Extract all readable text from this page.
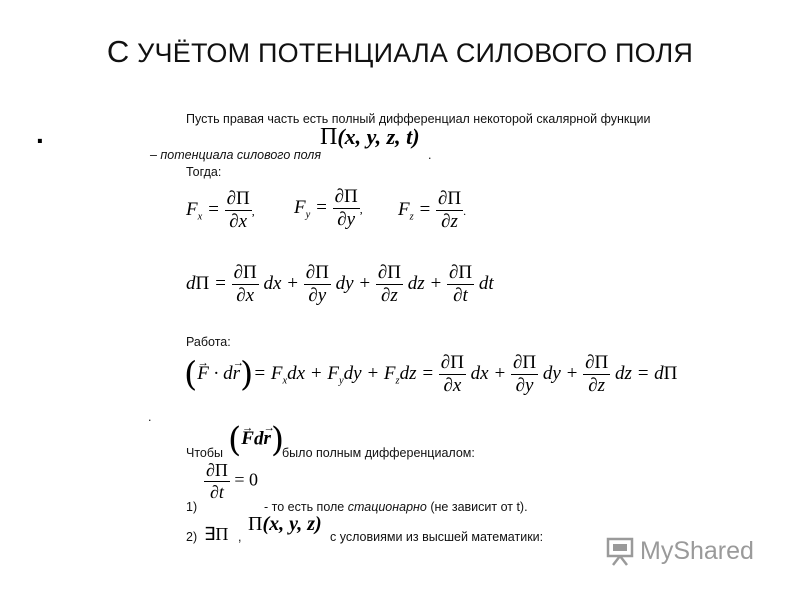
С УЧЁТОМ ПОТЕНЦИАЛА СИЛОВОГО ПОЛЯ
.	Пусть правая часть есть полный дифференциал некоторой скалярной функции
– потенциала силового поля
Π(x, y, z, t)
.
Тогда:
$F_x = \frac{\partial\Pi}{\partial x}$ , $F_y = \frac{\partial\Pi}{\partial y}$ , $F_z = \frac{\partial\Pi}{\partial z}$ .
$d\Pi = \frac{\partial\Pi}{\partial x}$ dx + $\frac{\partial\Pi}{\partial y}$ dy + $\frac{\partial\Pi}{\partial z}$ dz + $\frac{\partial\Pi}{\partial t}$ dt
Работа:
(→ $F \cdot d\to r)= F_xdx + F_ydy + F_zdz = \frac{\partial\Pi}{\partial x}$ dx + $\frac{\partial\Pi}{\partial y}$ dy + $\frac{\partial\Pi}{\partial z}$ dz = dΠ
.
Чтобы (→ Fd→ r)
было полным дифференциалом:
$\frac{\partial\Pi}{\partial t} = 0$
1)	- то есть поле стационарно (не зависит от t).
2) ∃Π ,
Π(x, y, z)
с условиями из высшей математики:	MyShared
